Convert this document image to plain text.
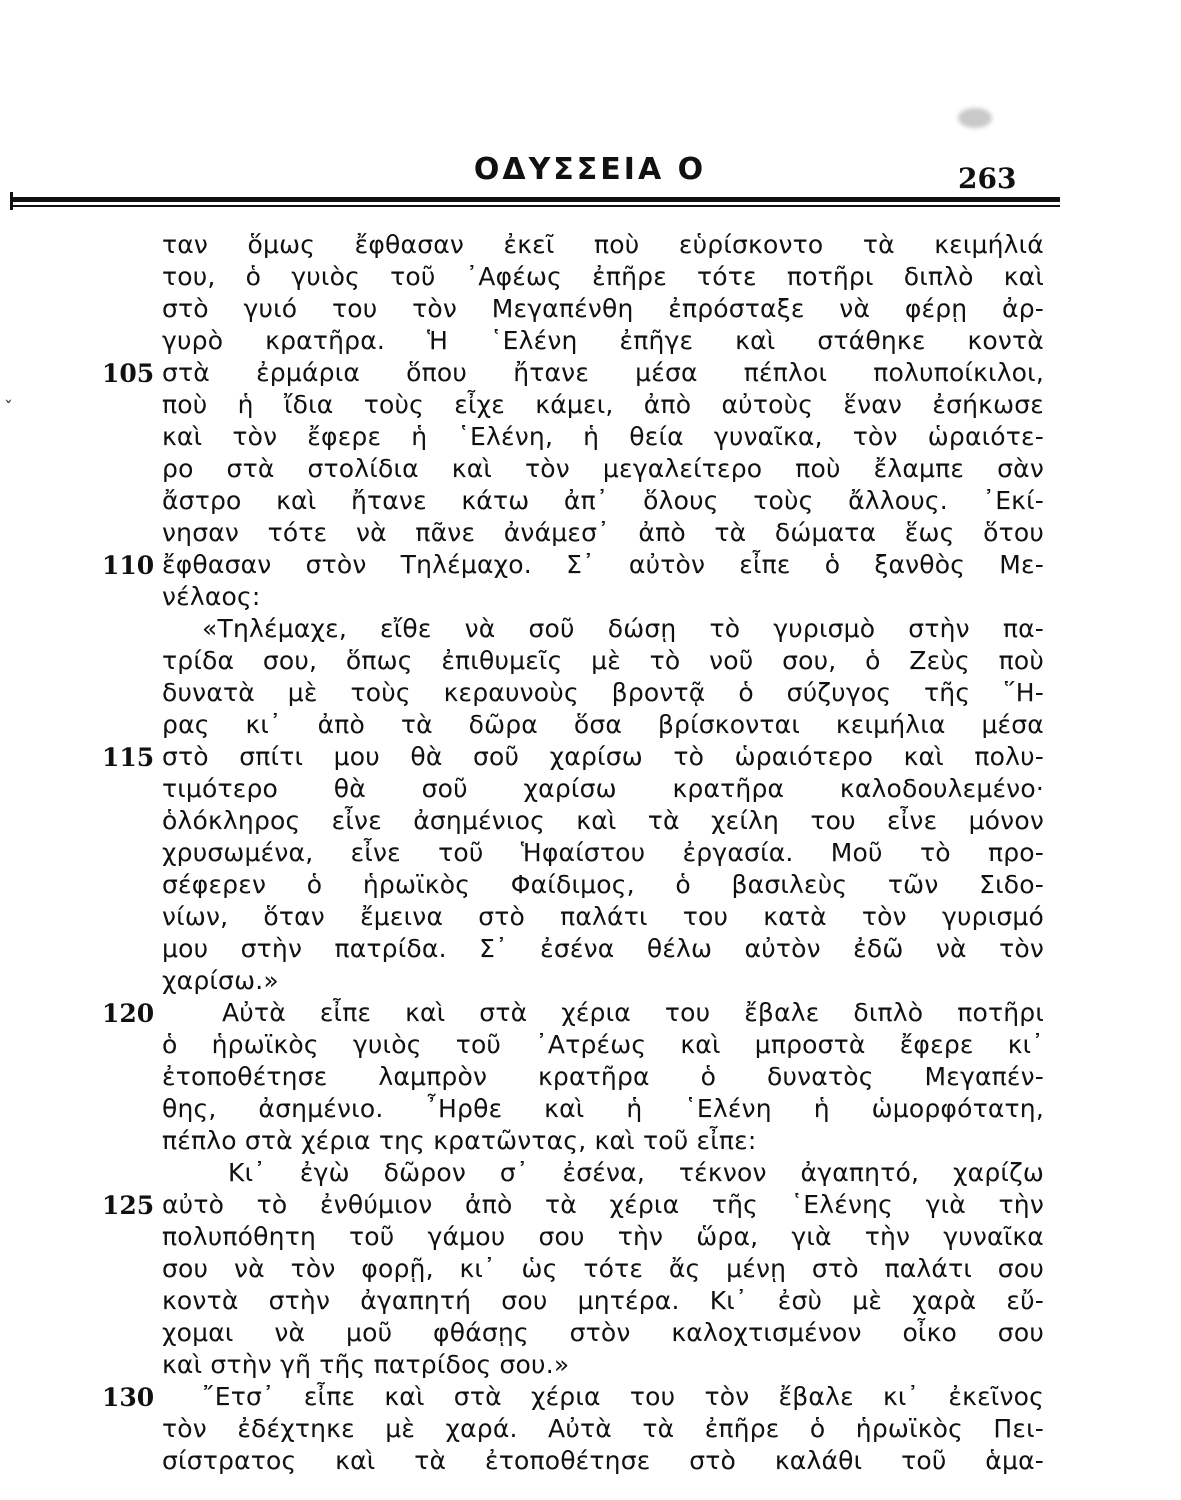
ΟΔΥΣΣΕΙΑ Ο	263
ˇ
105
110
115
120
125
130
ταν ὅμως ἔφθασαν ἐκεῖ ποὺ εὑρίσκοντο τὰ κειμήλιά
του, ὁ γυιὸς τοῦ ᾿Αφέως ἐπῆρε τότε ποτῆρι διπλὸ καὶ
στὸ γυιό του τὸν Μεγαπένθη ἐπρόσταξε νὰ φέρῃ ἀρ-
γυρὸ κρατῆρα. Ἡ ῾Ελένη ἐπῆγε καὶ στάθηκε κοντὰ
στὰ ἐρμάρια ὅπου ἤτανε μέσα πέπλοι πολυποίκιλοι,
ποὺ ἡ ἴδια τοὺς εἶχε κάμει, ἀπὸ αὐτοὺς ἕναν ἐσήκωσε
καὶ τὸν ἔφερε ἡ ῾Ελένη, ἡ θεία γυναῖκα, τὸν ὡραιότε-
ρο στὰ στολίδια καὶ τὸν μεγαλείτερο ποὺ ἔλαμπε σὰν
ἄστρο καὶ ἤτανε κάτω ἀπ᾿ ὅλους τοὺς ἄλλους. ᾿Εκί-
νησαν τότε νὰ πᾶνε ἀνάμεσ᾿ ἀπὸ τὰ δώματα ἕως ὅτου
ἔφθασαν στὸν Τηλέμαχο. Σ᾿ αὐτὸν εἶπε ὁ ξανθὸς Με-
νέλαος:
«Τηλέμαχε, εἴθε νὰ σοῦ δώσῃ τὸ γυρισμὸ στὴν πα-
τρίδα σου, ὅπως ἐπιθυμεῖς μὲ τὸ νοῦ σου, ὁ Ζεὺς ποὺ
δυνατὰ μὲ τοὺς κεραυνοὺς βροντᾷ ὁ σύζυγος τῆς ῞Η-
ρας κι᾿ ἀπὸ τὰ δῶρα ὅσα βρίσκονται κειμήλια μέσα
στὸ σπίτι μου θὰ σοῦ χαρίσω τὸ ὡραιότερο καὶ πολυ-
τιμότερο θὰ σοῦ χαρίσω κρατῆρα καλοδουλεμένο·
ὁλόκληρος εἶνε ἀσημένιος καὶ τὰ χείλη του εἶνε μόνον
χρυσωμένα, εἶνε τοῦ Ἡφαίστου ἐργασία. Μοῦ τὸ προ-
σέφερεν ὁ ἡρωϊκὸς Φαίδιμος, ὁ βασιλεὺς τῶν Σιδο-
νίων, ὅταν ἔμεινα στὸ παλάτι του κατὰ τὸν γυρισμό
μου στὴν πατρίδα. Σ᾿ ἐσένα θέλω αὐτὸν ἐδῶ νὰ τὸν
χαρίσω.»
Αὐτὰ εἶπε καὶ στὰ χέρια του ἔβαλε διπλὸ ποτῆρι
ὁ ἡρωϊκὸς γυιὸς τοῦ ᾿Ατρέως καὶ μπροστὰ ἔφερε κι᾿
ἐτοποθέτησε λαμπρὸν κρατῆρα ὁ δυνατὸς Μεγαπέν-
θης, ἀσημένιο. ῏Ηρθε καὶ ἡ ῾Ελένη ἡ ὡμορφότατη,
πέπλο στὰ χέρια της κρατῶντας, καὶ τοῦ εἶπε:
Κι᾿ ἐγὼ δῶρον σ᾿ ἐσένα, τέκνον ἀγαπητό, χαρίζω
αὐτὸ τὸ ἐνθύμιον ἀπὸ τὰ χέρια τῆς ῾Ελένης γιὰ τὴν
πολυπόθητη τοῦ γάμου σου τὴν ὥρα, γιὰ τὴν γυναῖκα
σου νὰ τὸν φορῇ, κι᾿ ὡς τότε ἄς μένῃ στὸ παλάτι σου
κοντὰ στὴν ἀγαπητή σου μητέρα. Κι᾿ ἐσὺ μὲ χαρὰ εὔ-
χομαι νὰ μοῦ φθάσῃς στὸν καλοχτισμένον οἶκο σου
καὶ στὴν γῆ τῆς πατρίδος σου.»
῎Ετσ᾿ εἶπε καὶ στὰ χέρια του τὸν ἔβαλε κι᾿ ἐκεῖνος
τὸν ἐδέχτηκε μὲ χαρά. Αὐτὰ τὰ ἐπῆρε ὁ ἡρωϊκὸς Πει-
σίστρατος καὶ τὰ ἐτοποθέτησε στὸ καλάθι τοῦ ἁμα-
